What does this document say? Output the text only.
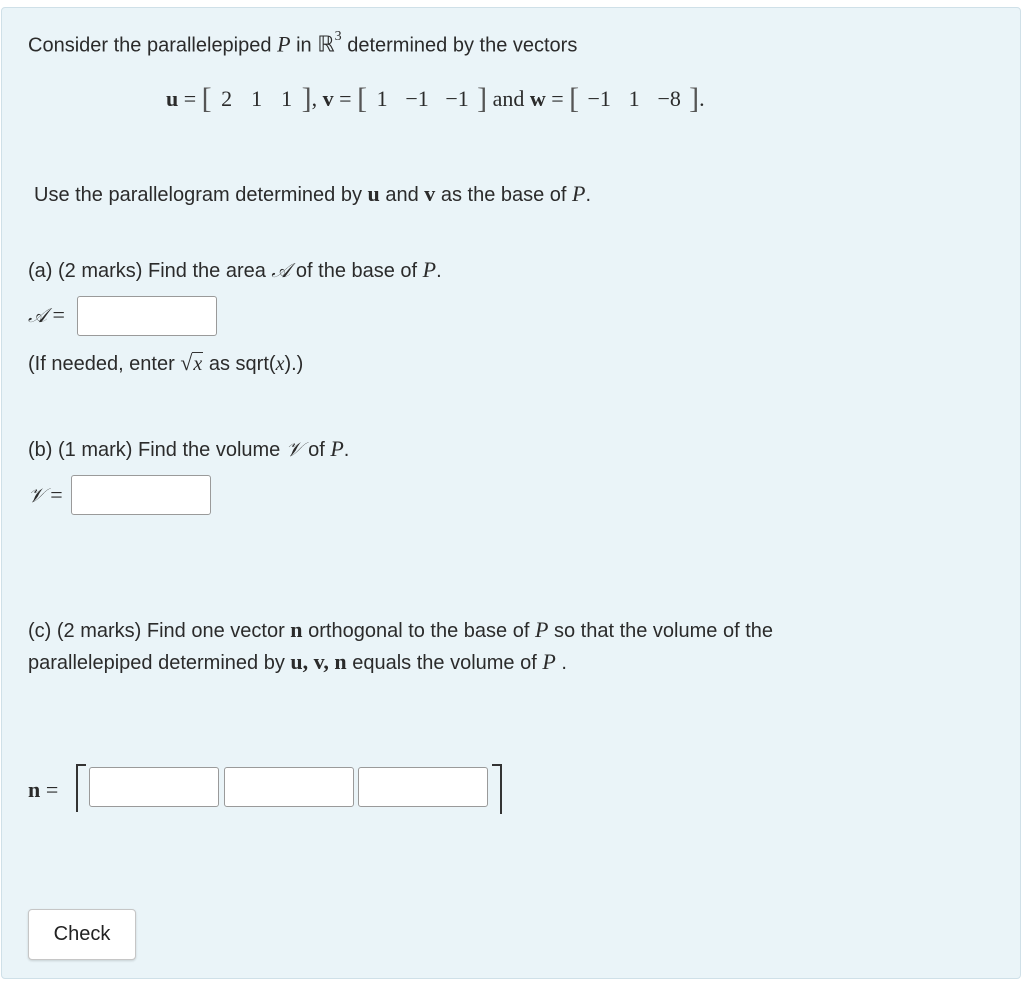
Consider the parallelepiped P in ℝ$^3$ determined by the vectors
u = [ 2 1 1 ], v = [ 1 −1 −1 ] and w = [ −1 1 −8 ].
Use the parallelogram determined by u and v as the base of P.
(a) (2 marks) Find the area 𝒜 of the base of P.
𝒜 =
(If needed, enter √x as sqrt(x).)
(b) (1 mark) Find the volume 𝒱 of P.
𝒱 =
(c) (2 marks) Find one vector n orthogonal to the base of P so that the volume of the
parallelepiped determined by u, v, n equals the volume of P .
n =
Check
